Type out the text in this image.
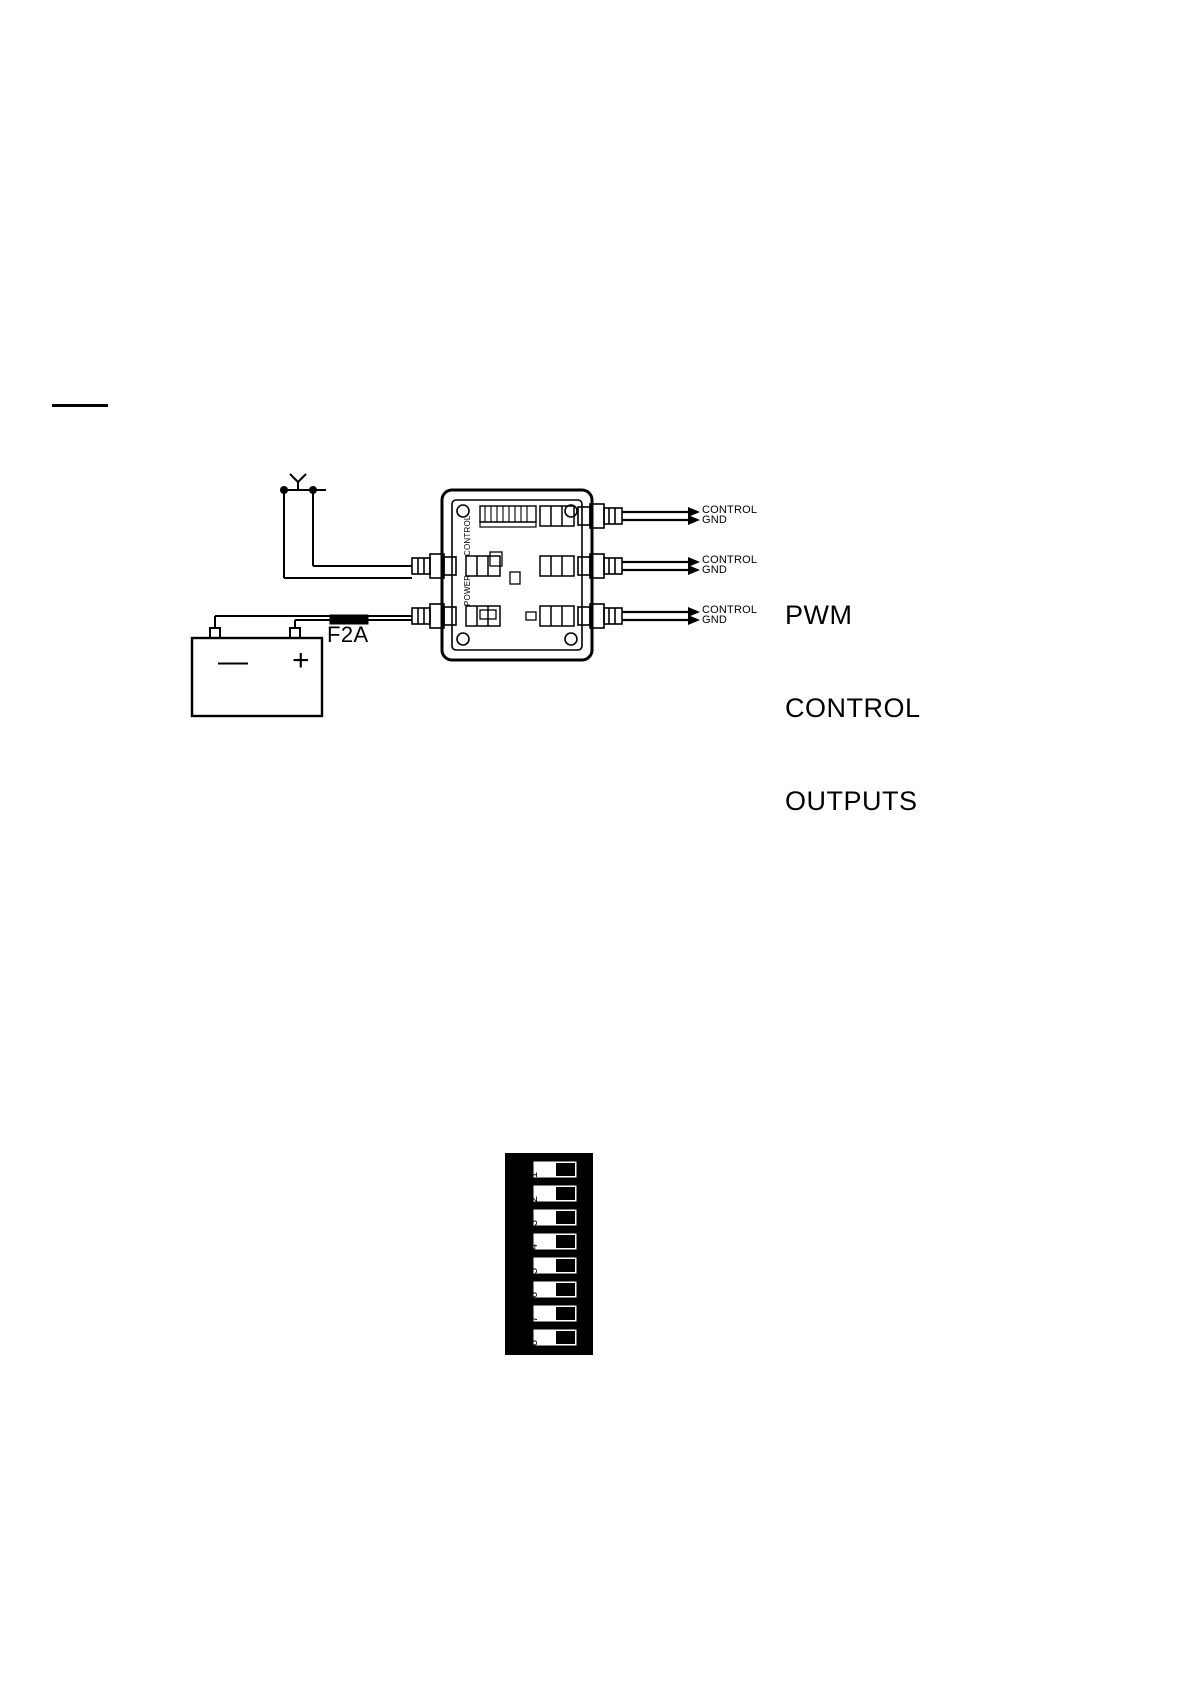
CONTROL
GND
CONTROL
GND
CONTROL
GND
CONTROL
POWER

PWM

CONTROL

OUTPUTS

F2A
— +
1
2
3
4
5
6
7
8
ON
